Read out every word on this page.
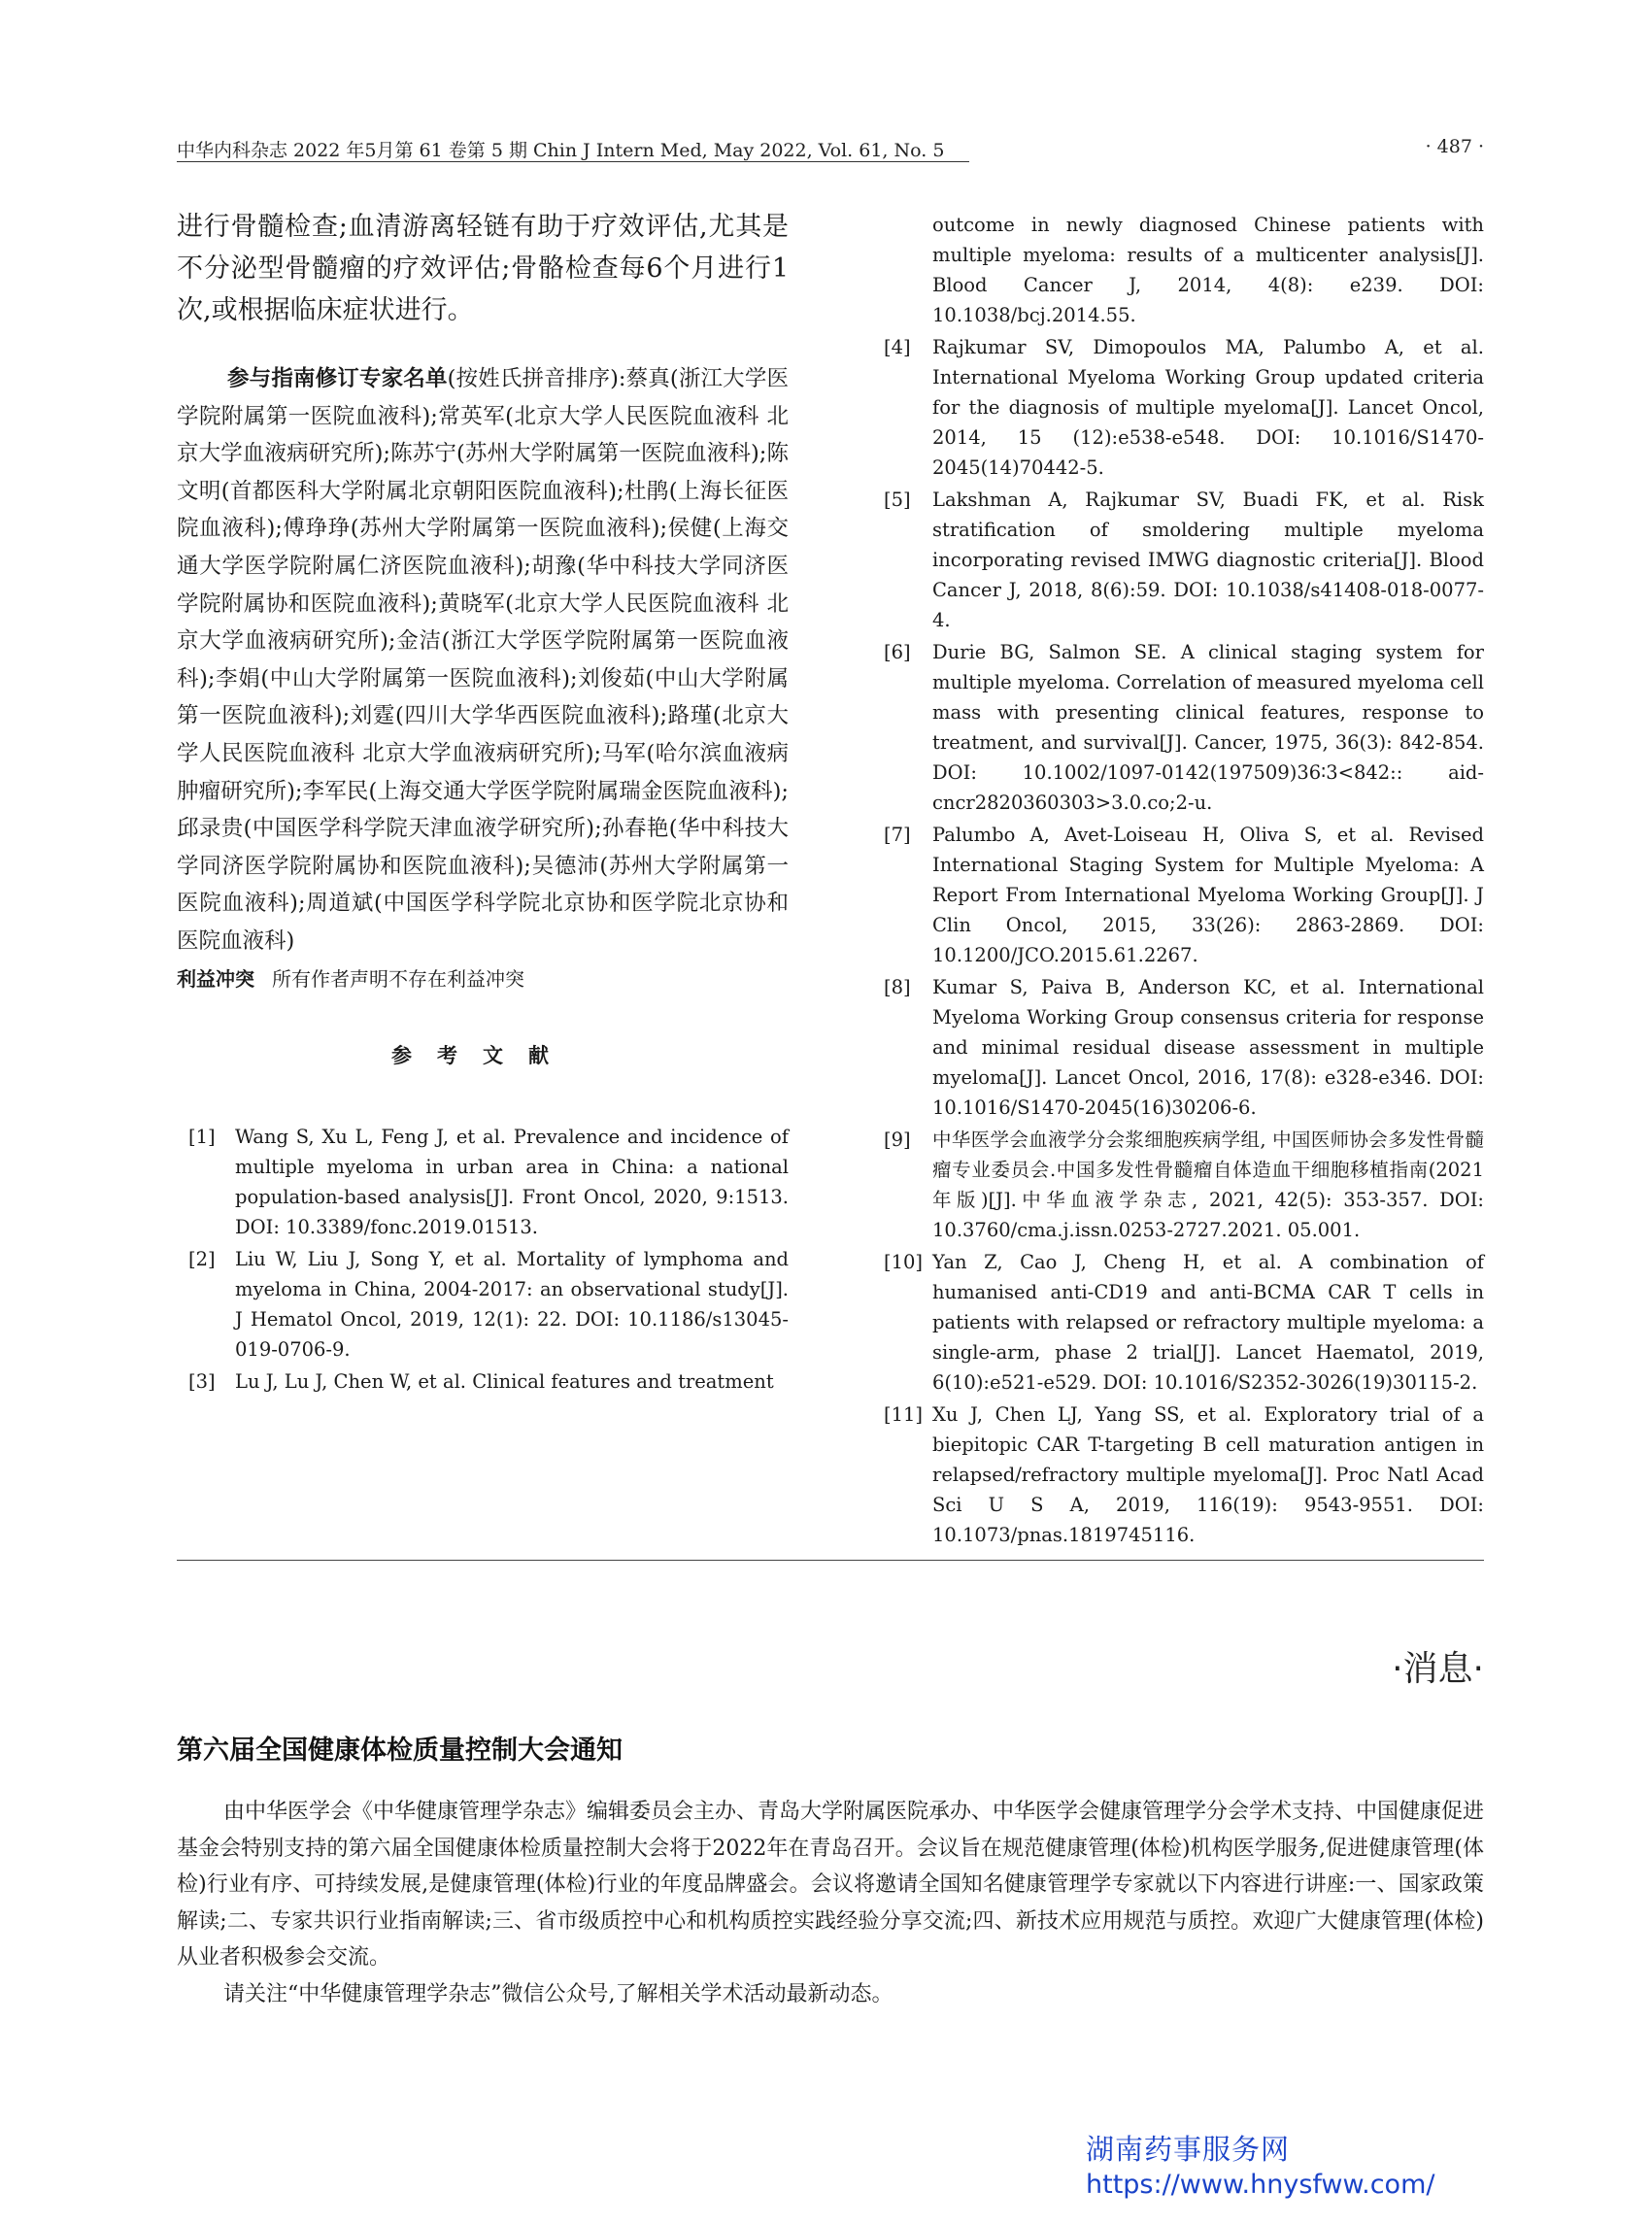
中华内科杂志 2022 年5月第 61 卷第 5 期 Chin J Intern Med, May 2022, Vol. 61, No. 5	· 487 ·

进行骨髓检查;血清游离轻链有助于疗效评估,尤其是不分泌型骨髓瘤的疗效评估;骨骼检查每6个月进行1次,或根据临床症状进行。

参与指南修订专家名单(按姓氏拼音排序):蔡真(浙江大学医学院附属第一医院血液科);常英军(北京大学人民医院血液科 北京大学血液病研究所);陈苏宁(苏州大学附属第一医院血液科);陈文明(首都医科大学附属北京朝阳医院血液科);杜鹃(上海长征医院血液科);傅琤琤(苏州大学附属第一医院血液科);侯健(上海交通大学医学院附属仁济医院血液科);胡豫(华中科技大学同济医学院附属协和医院血液科);黄晓军(北京大学人民医院血液科 北京大学血液病研究所);金洁(浙江大学医学院附属第一医院血液科);李娟(中山大学附属第一医院血液科);刘俊茹(中山大学附属第一医院血液科);刘霆(四川大学华西医院血液科);路瑾(北京大学人民医院血液科 北京大学血液病研究所);马军(哈尔滨血液病肿瘤研究所);李军民(上海交通大学医学院附属瑞金医院血液科);邱录贵(中国医学科学院天津血液学研究所);孙春艳(华中科技大学同济医学院附属协和医院血液科);吴德沛(苏州大学附属第一医院血液科);周道斌(中国医学科学院北京协和医学院北京协和医院血液科)

利益冲突 所有作者声明不存在利益冲突

参考文献
[1] Wang S, Xu L, Feng J, et al. Prevalence and incidence of multiple myeloma in urban area in China: a national population-based analysis[J]. Front Oncol, 2020, 9:1513. DOI: 10.3389/fonc.2019.01513.
[2] Liu W, Liu J, Song Y, et al. Mortality of lymphoma and myeloma in China, 2004-2017: an observational study[J]. J Hematol Oncol, 2019, 12(1): 22. DOI: 10.1186/s13045-019-0706-9.
[3] Lu J, Lu J, Chen W, et al. Clinical features and treatment
outcome in newly diagnosed Chinese patients with multiple myeloma: results of a multicenter analysis[J]. Blood Cancer J, 2014, 4(8): e239. DOI: 10.1038/bcj.2014.55.
[4] Rajkumar SV, Dimopoulos MA, Palumbo A, et al. International Myeloma Working Group updated criteria for the diagnosis of multiple myeloma[J]. Lancet Oncol, 2014, 15 (12):e538-e548. DOI: 10.1016/S1470-2045(14)70442-5.
[5] Lakshman A, Rajkumar SV, Buadi FK, et al. Risk stratification of smoldering multiple myeloma incorporating revised IMWG diagnostic criteria[J]. Blood Cancer J, 2018, 8(6):59. DOI: 10.1038/s41408-018-0077-4.
[6] Durie BG, Salmon SE. A clinical staging system for multiple myeloma. Correlation of measured myeloma cell mass with presenting clinical features, response to treatment, and survival[J]. Cancer, 1975, 36(3): 842-854. DOI: 10.1002/1097-0142(197509)36∶3<842:: aid-cncr2820360303>3.0.co;2-u.
[7] Palumbo A, Avet-Loiseau H, Oliva S, et al. Revised International Staging System for Multiple Myeloma: A Report From International Myeloma Working Group[J]. J Clin Oncol, 2015, 33(26): 2863-2869. DOI: 10.1200/JCO.2015.61.2267.
[8] Kumar S, Paiva B, Anderson KC, et al. International Myeloma Working Group consensus criteria for response and minimal residual disease assessment in multiple myeloma[J]. Lancet Oncol, 2016, 17(8): e328-e346. DOI: 10.1016/S1470-2045(16)30206-6.
[9] 中华医学会血液学分会浆细胞疾病学组, 中国医师协会多发性骨髓瘤专业委员会.中国多发性骨髓瘤自体造血干细胞移植指南(2021年版)[J].中华血液学杂志, 2021, 42(5): 353-357. DOI: 10.3760/cma.j.issn.0253-2727.2021. 05.001.
[10] Yan Z, Cao J, Cheng H, et al. A combination of humanised anti-CD19 and anti-BCMA CAR T cells in patients with relapsed or refractory multiple myeloma: a single-arm, phase 2 trial[J]. Lancet Haematol, 2019, 6(10):e521-e529. DOI: 10.1016/S2352-3026(19)30115-2.
[11] Xu J, Chen LJ, Yang SS, et al. Exploratory trial of a biepitopic CAR T-targeting B cell maturation antigen in relapsed/refractory multiple myeloma[J]. Proc Natl Acad Sci U S A, 2019, 116(19): 9543-9551. DOI: 10.1073/pnas.1819745116.
·消息·
第六届全国健康体检质量控制大会通知

由中华医学会《中华健康管理学杂志》编辑委员会主办、青岛大学附属医院承办、中华医学会健康管理学分会学术支持、中国健康促进基金会特别支持的第六届全国健康体检质量控制大会将于2022年在青岛召开。会议旨在规范健康管理(体检)机构医学服务,促进健康管理(体检)行业有序、可持续发展,是健康管理(体检)行业的年度品牌盛会。会议将邀请全国知名健康管理学专家就以下内容进行讲座:一、国家政策解读;二、专家共识行业指南解读;三、省市级质控中心和机构质控实践经验分享交流;四、新技术应用规范与质控。欢迎广大健康管理(体检)从业者积极参会交流。

请关注“中华健康管理学杂志”微信公众号,了解相关学术活动最新动态。

湖南药事服务网
https://www.hnysfww.com/
